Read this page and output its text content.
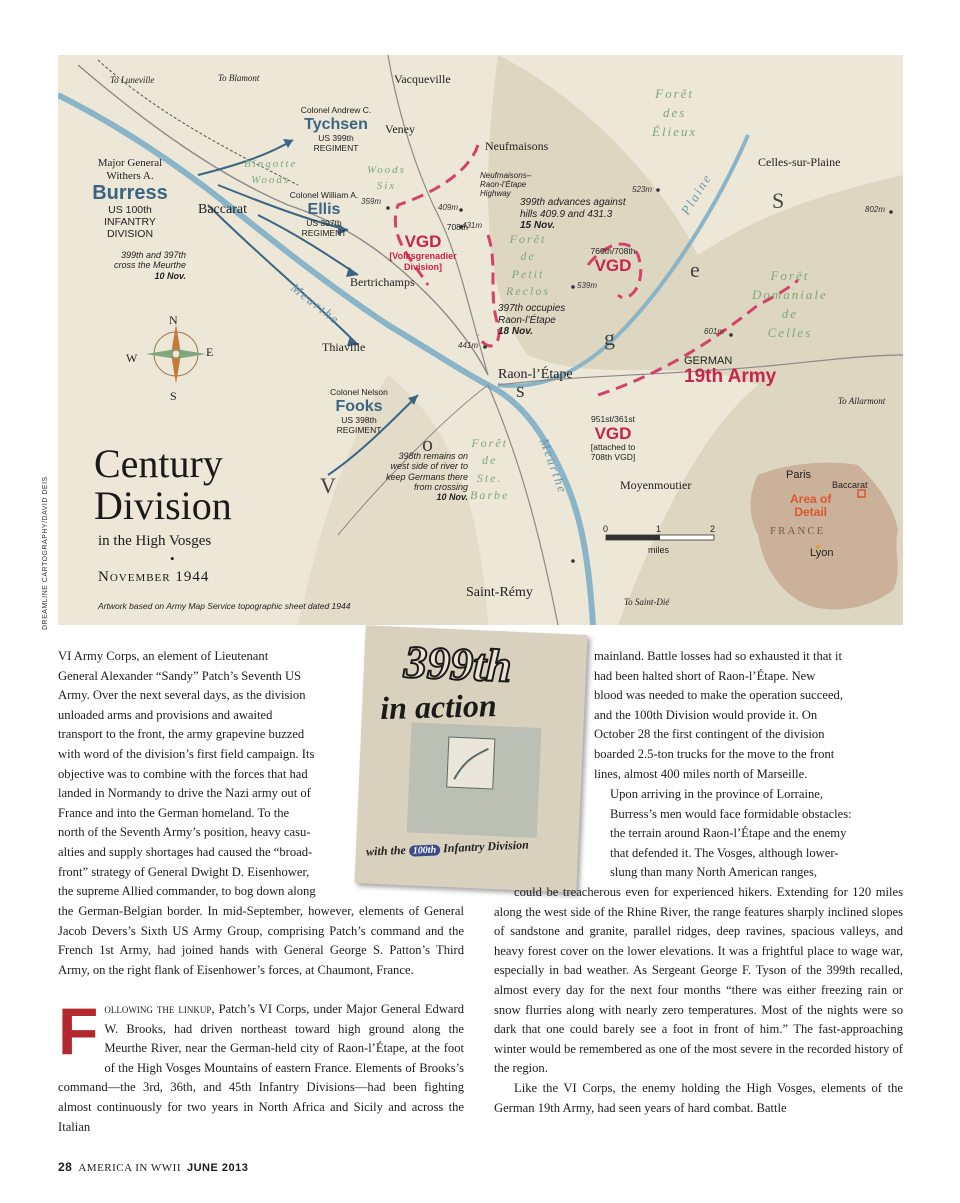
To Luneville	To Blamont
To Allarmont
To Saint-Dié
Vacqueville
Veney
Neufmaisons
Celles-sur-Plaine
Baccarat
Bertrichamps
Thiaville
Raon-l’Étape
Moyenmoutier
Saint-Rémy
Major General
Withers A.
Burress
US 100th
INFANTRY
DIVISION
Colonel Andrew C.
Tychsen
US 399th
REGIMENT
Colonel William A.
Ellis
US 397th
REGIMENT
Colonel Nelson
Fooks
US 398th
REGIMENT
Bingotte
Woods
Woods
Six
Forêt
des
Élieux
Forêt
de
Petit
Reclos
Forêt
Domaniale
de
Celles
Forêt
de
Ste.
Barbe
Meurthe
Meurthe
Plaine
V
o
s
g
e
S
N
E
S
W
Neufmaisons–
Raon-l’Étape
Highway
708th
VGD
[Volksgrenadier
Division]
760th/708th
VGD
951st/361st
VGD
[attached to
708th VGD]
GERMAN
19th Army
399th and 397th
cross the Meurthe
10 Nov.
399th advances against
hills 409.9 and 431.3
15 Nov.
397th occupies
Raon-l’Étape
18 Nov.
398th remains on
west side of river to
keep Germans there
from crossing
10 Nov.
359m
409m
431m
523m
539m
601m
802m
441m
0	1	2
miles
Paris
Baccarat
Area of
Detail
FRANCE
Lyon
Century
Division
in the High Vosges
•
November 1944
Artwork based on Army Map Service topographic sheet dated 1944
DREAMLINE CARTOGRAPHY/DAVID DEIS
399th
in action
with the 100th Infantry Division
VI Army Corps, an element of Lieutenant
General Alexander “Sandy” Patch’s Seventh US
Army. Over the next several days, as the division
unloaded arms and provisions and awaited
transport to the front, the army grapevine buzzed
with word of the division’s first field campaign. Its
objective was to combine with the forces that had
landed in Normandy to drive the Nazi army out of
France and into the German homeland. To the
north of the Seventh Army’s position, heavy casu-
alties and supply shortages had caused the “broad-
front” strategy of General Dwight D. Eisenhower,
the supreme Allied commander, to bog down along

the German-Belgian border. In mid-September, however, elements of General Jacob Devers’s Sixth US Army Group, comprising Patch’s command and the French 1st Army, had joined hands with General George S. Patton’s Third Army, on the right flank of Eisenhower’s forces, at Chaumont, France.

Following the linkup, Patch’s VI Corps, under Major General Edward W. Brooks, had driven northeast toward high ground along the Meurthe River, near the German-held city of Raon-l’Étape, at the foot of the High Vosges Mountains of eastern France. Elements of Brooks’s command—the 3rd, 36th, and 45th Infantry Divisions—had been fighting almost continuously for two years in North Africa and Sicily and across the Italian

mainland. Battle losses had so exhausted it that it
had been halted short of Raon-l’Étape. New
blood was needed to make the operation succeed,
and the 100th Division would provide it. On
October 28 the first contingent of the division
boarded 2.5-ton trucks for the move to the front
lines, almost 400 miles north of Marseille.
Upon arriving in the province of Lorraine,
Burress’s men would face formidable obstacles:
the terrain around Raon-l’Étape and the enemy
that defended it. The Vosges, although lower-
slung than many North American ranges,

could be treacherous even for experienced hikers. Extending for 120 miles along the west side of the Rhine River, the range features sharply inclined slopes of sandstone and granite, parallel ridges, deep ravines, spacious valleys, and heavy forest cover on the lower elevations. It was a frightful place to wage war, especially in bad weather. As Sergeant George F. Tyson of the 399th recalled, almost every day for the next four months “there was either freezing rain or snow flurries along with nearly zero temperatures. Most of the nights were so dark that one could barely see a foot in front of him.” The fast-approaching winter would be remembered as one of the most severe in the recorded history of the region.

Like the VI Corps, the enemy holding the High Vosges, elements of the German 19th Army, had seen years of hard combat. Battle

28 AMERICA IN WWII JUNE 2013
